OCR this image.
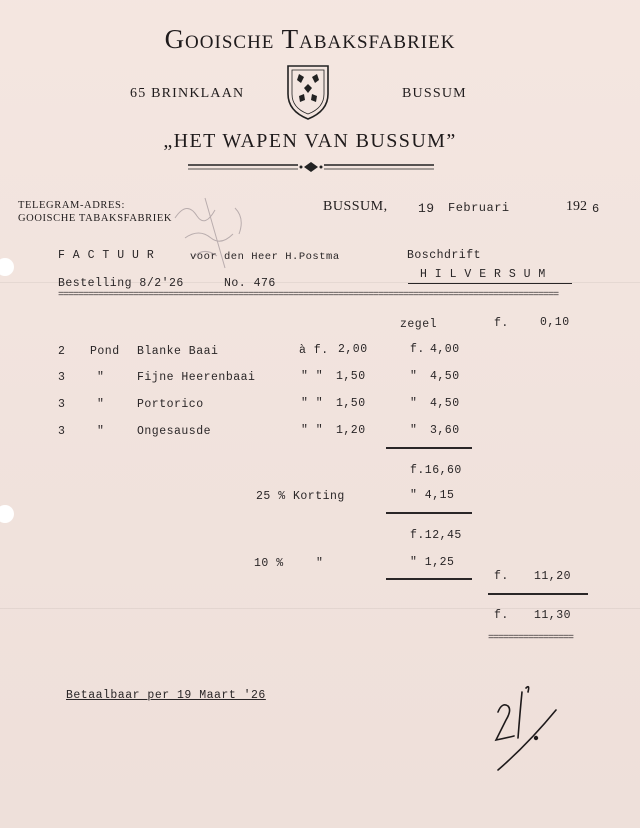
Gooische Tabaksfabriek
65 BRINKLAAN	BUSSUM
„HET WAPEN VAN BUSSUM”
TELEGRAM-ADRES:
GOOISCHE TABAKSFABRIEK
BUSSUM, 19 Februari	192 6
F A C T U U R	voor den Heer H.Postma	Boschdrift
H I L V E R S U M
Bestelling 8/2'26	No. 476
====================================================================================================
zegel	f.	0,10
2 Pond Blanke Baai	à f. 2,00	f. 4,00
3	"	Fijne Heerenbaai	" " 1,50	" 4,50
3	"	Portorico	" " 1,50	" 4,50
3	"	Ongesausde	" " 1,20	" 3,60
f.16,60
25 % Korting	" 4,15
f.12,45
10 %	"	" 1,25
f. 11,20
f. 11,30
=================
Betaalbaar per 19 Maart '26
